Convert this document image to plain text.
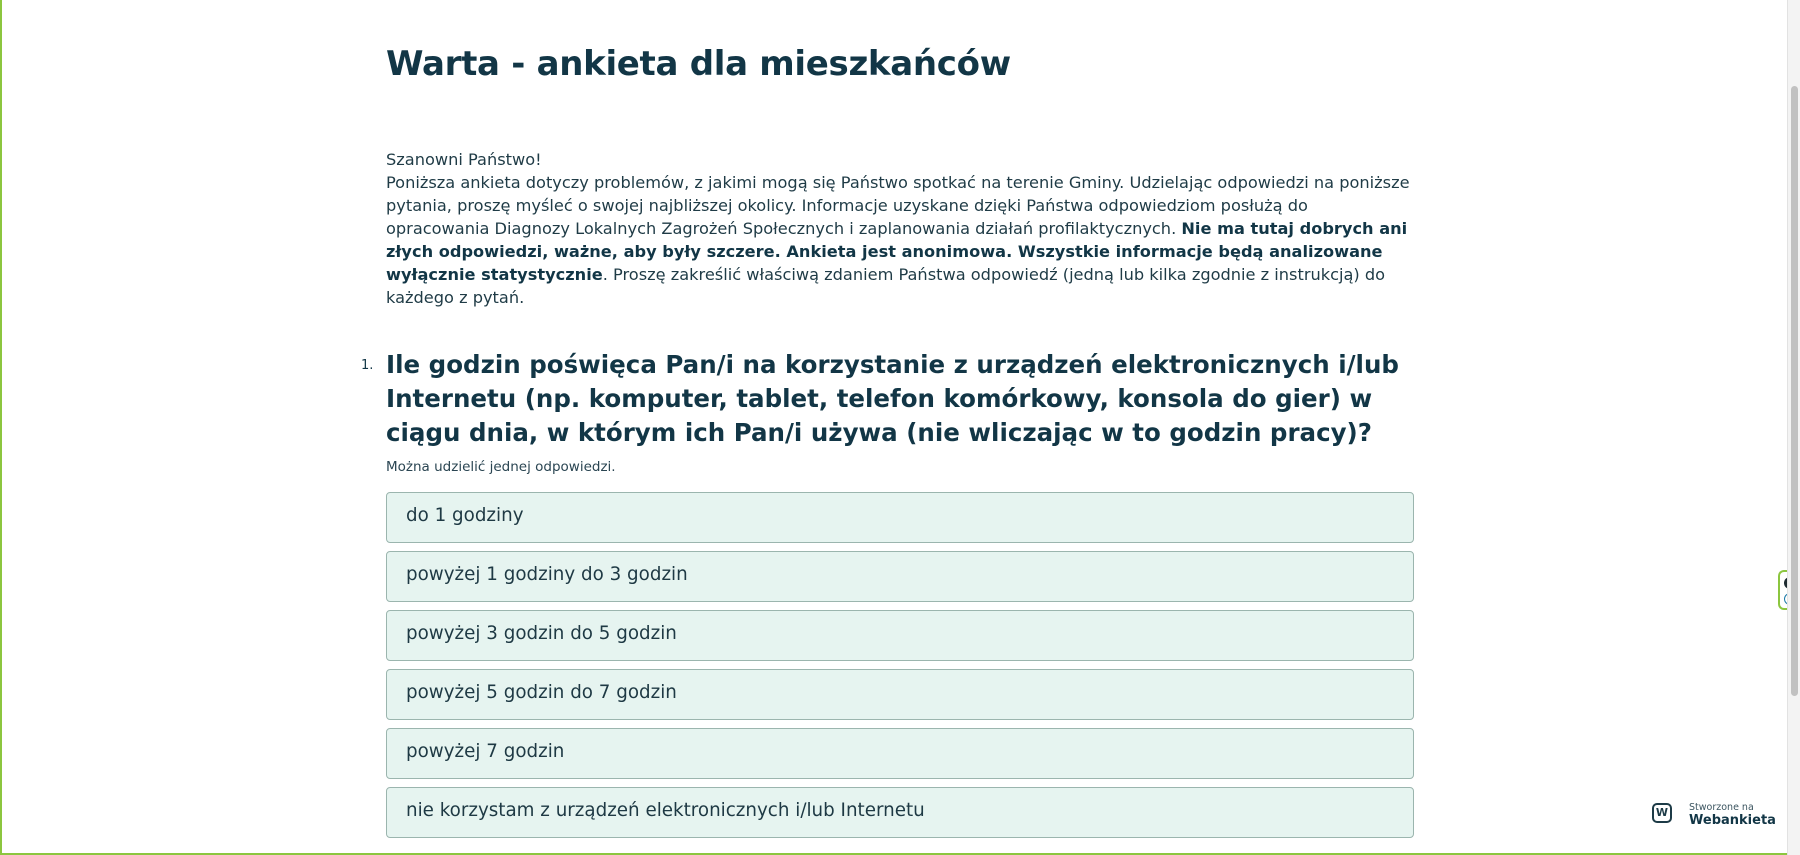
Warta - ankieta dla mieszkańców

Szanowni Państwo!

Poniższa ankieta dotyczy problemów, z jakimi mogą się Państwo spotkać na terenie Gminy. Udzielając odpowiedzi na poniższe pytania, proszę myśleć o swojej najbliższej okolicy. Informacje uzyskane dzięki Państwa odpowiedziom posłużą do opracowania Diagnozy Lokalnych Zagrożeń Społecznych i zaplanowania działań profilaktycznych. Nie ma tutaj dobrych ani złych odpowiedzi, ważne, aby były szczere. Ankieta jest anonimowa. Wszystkie informacje będą analizowane wyłącznie statystycznie. Proszę zakreślić właściwą zdaniem Państwa odpowiedź (jedną lub kilka zgodnie z instrukcją) do każdego z pytań.

1. Ile godzin poświęca Pan/i na korzystanie z urządzeń elektronicznych i/lub Internetu (np. komputer, tablet, telefon komórkowy, konsola do gier) w ciągu dnia, w którym ich Pan/i używa (nie wliczając w to godzin pracy)?
Można udzielić jednej odpowiedzi.
do 1 godziny
powyżej 1 godziny do 3 godzin
powyżej 3 godzin do 5 godzin
powyżej 5 godzin do 7 godzin
powyżej 7 godzin
nie korzystam z urządzeń elektronicznych i/lub Internetu	W	Stworzone na
Webankieta
